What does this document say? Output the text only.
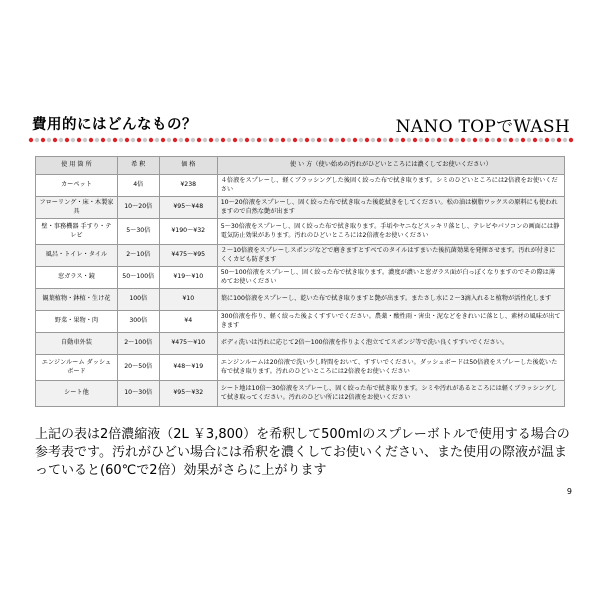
費用的にはどんなもの？	NANO TOPでWASH
使 用 箇 所	希 釈	価 格	使 い 方（使い始めの汚れがひどいところには濃くしてお使いください）
カーペット	4倍	¥238	４倍液をスプレーし、軽くブラッシングした後固く絞った布で拭き取ります。シミのひどいところには2倍液をお使いください
フローリング・床・木製家具	10〜20倍	¥95〜¥48	10〜20倍液をスプレーし、固く絞った布で拭き取った後乾拭きをしてください。松の油は樹脂ワックスの原料にも使われますので自然な艶が出ます
壁・事務機器 手すり・テレビ	5〜30倍	¥190〜¥32	5〜30倍液をスプレーし、固く絞った布で拭き取ります。手垢やヤニなどスッキリ落とし、テレビやパソコンの画面には静電気防止効果があります。汚れのひどいところには2倍液をお使いください
風呂・トイレ・タイル	2〜10倍	¥475〜¥95	２〜10倍液をスプレーしスポンジなどで磨きますとすべてのタイルはすまいた後抗菌効果を発揮させます。汚れが付きにくくカビも防ぎます
窓ガラス・鏡	50〜100倍	¥19〜¥10	50〜100倍液をスプレーし、固く絞った布で拭き取ります。濃度が濃いと窓ガラス面が白っぽくなりますのでその際は薄めてお使いください
観葉植物・鉢植・生け花	100倍	¥10	葉に100倍液をスプレーし、乾いた布で拭き取りますと艶が出ます。またさし水に２〜3滴入れると植物が活性化します
野菜・果物・肉	300倍	¥4	300倍液を作り、軽く絞った後よくすすいでください。農薬・酸性雨・害虫・泥などをきれいに落とし、素材の風味が出てきます
自動車外装	2〜100倍	¥475〜¥10	ボディ洗いは汚れに応じて2倍〜100倍液を作りよく泡立ててスポンジ等で洗い良くすすいでください。
エンジンルーム ダッシュボード	20〜50倍	¥48〜¥19	エンジンルームは20倍液で洗い少し時間をおいて、すすいでください。ダッシュボードは50倍液をスプレーした後乾いた布で拭き取ります。汚れのひどいところには2倍液をお使いください
シート他	10〜30倍	¥95〜¥32	シート地は10倍〜30倍液をスプレーし、固く絞った布で拭き取ります。シミや汚れがあるところには軽くブラッシングして拭き取ってください。汚れのひどい所には2倍液をお使いください
上記の表は2倍濃縮液（2L ￥3,800）を希釈して500mlのスプレーボトルで使用する場合の参考表です。汚れがひどい場合には希釈を濃くしてお使いください、また使用の際液が温まっていると(60℃で2倍）効果がさらに上がります
9
